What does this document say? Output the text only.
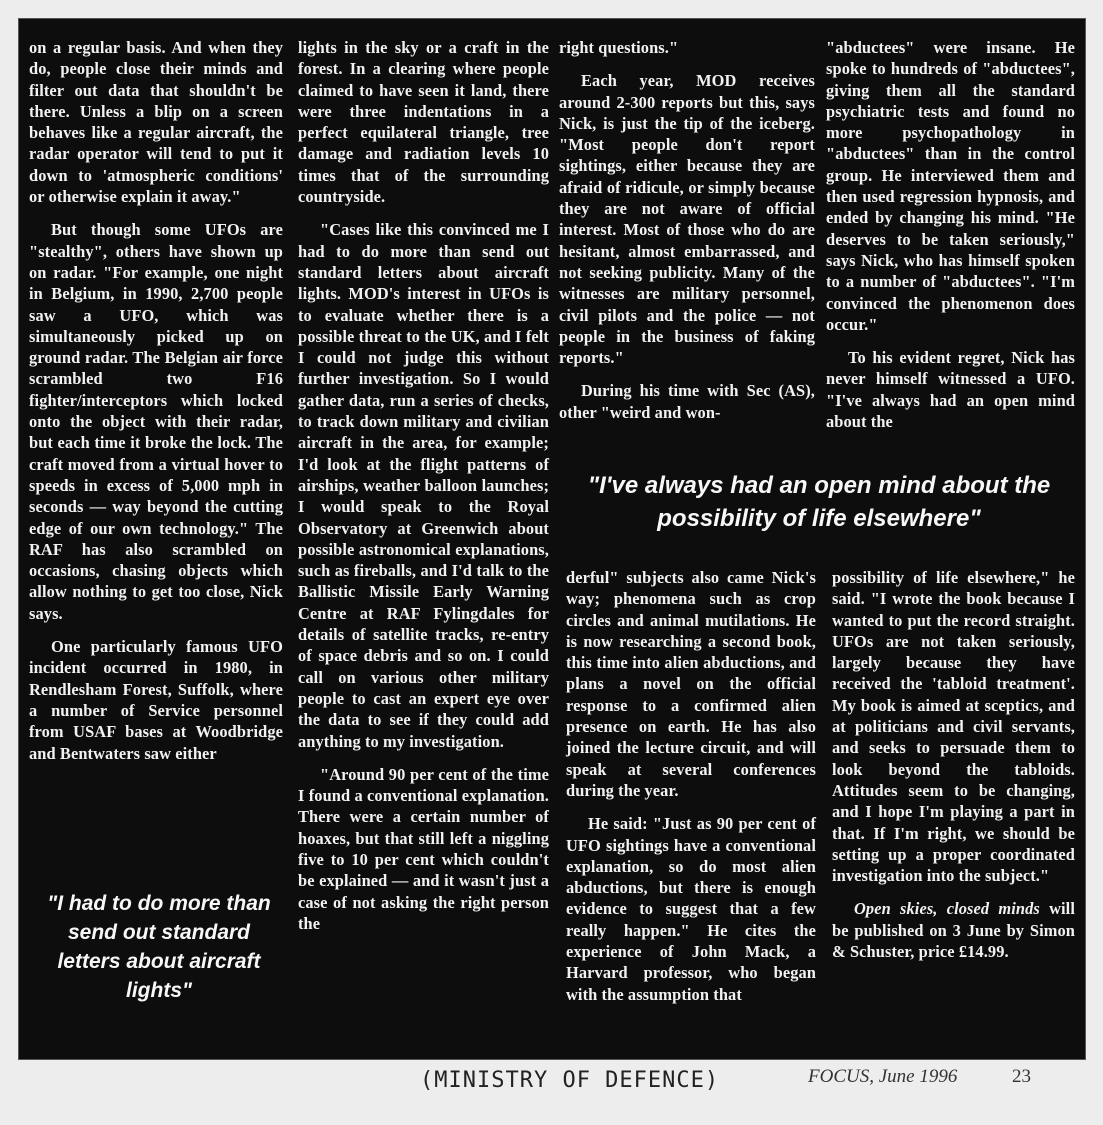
on a regular basis. And when they do, people close their minds and filter out data that shouldn't be there. Unless a blip on a screen behaves like a regular aircraft, the radar operator will tend to put it down to 'atmospheric conditions' or otherwise explain it away."

But though some UFOs are "stealthy", others have shown up on radar. "For example, one night in Belgium, in 1990, 2,700 people saw a UFO, which was simultaneously picked up on ground radar. The Belgian air force scrambled two F16 fighter/interceptors which locked onto the object with their radar, but each time it broke the lock. The craft moved from a virtual hover to speeds in excess of 5,000 mph in seconds — way beyond the cutting edge of our own technology." The RAF has also scrambled on occasions, chasing objects which allow nothing to get too close, Nick says.

One particularly famous UFO incident occurred in 1980, in Rendlesham Forest, Suffolk, where a number of Service personnel from USAF bases at Woodbridge and Bentwaters saw either

lights in the sky or a craft in the forest. In a clearing where people claimed to have seen it land, there were three indentations in a perfect equilateral triangle, tree damage and radiation levels 10 times that of the surrounding countryside.

"Cases like this convinced me I had to do more than send out standard letters about aircraft lights. MOD's interest in UFOs is to evaluate whether there is a possible threat to the UK, and I felt I could not judge this without further investigation. So I would gather data, run a series of checks, to track down military and civilian aircraft in the area, for example; I'd look at the flight patterns of airships, weather balloon launches; I would speak to the Royal Observatory at Greenwich about possible astronomical explanations, such as fireballs, and I'd talk to the Ballistic Missile Early Warning Centre at RAF Fylingdales for details of satellite tracks, re-entry of space debris and so on. I could call on various other military people to cast an expert eye over the data to see if they could add anything to my investigation.

"Around 90 per cent of the time I found a conventional explanation. There were a certain number of hoaxes, but that still left a niggling five to 10 per cent which couldn't be explained — and it wasn't just a case of not asking the right person the

right questions."

Each year, MOD receives around 2-300 reports but this, says Nick, is just the tip of the iceberg. "Most people don't report sightings, either because they are afraid of ridicule, or simply because they are not aware of official interest. Most of those who do are hesitant, almost embarrassed, and not seeking publicity. Many of the witnesses are military personnel, civil pilots and the police — not people in the business of faking reports."

During his time with Sec (AS), other "weird and won-

"abductees" were insane. He spoke to hundreds of "abductees", giving them all the standard psychiatric tests and found no more psychopathology in "abductees" than in the control group. He interviewed them and then used regression hypnosis, and ended by changing his mind. "He deserves to be taken seriously," says Nick, who has himself spoken to a number of "abductees". "I'm convinced the phenomenon does occur."

To his evident regret, Nick has never himself witnessed a UFO. "I've always had an open mind about the

"I've always had an open mind about the possibility of life elsewhere"

derful" subjects also came Nick's way; phenomena such as crop circles and animal mutilations. He is now researching a second book, this time into alien abductions, and plans a novel on the official response to a confirmed alien presence on earth. He has also joined the lecture circuit, and will speak at several conferences during the year.

He said: "Just as 90 per cent of UFO sightings have a conventional explanation, so do most alien abductions, but there is enough evidence to suggest that a few really happen." He cites the experience of John Mack, a Harvard professor, who began with the assumption that

possibility of life elsewhere," he said. "I wrote the book because I wanted to put the record straight. UFOs are not taken seriously, largely because they have received the 'tabloid treatment'. My book is aimed at sceptics, and at politicians and civil servants, and seeks to persuade them to look beyond the tabloids. Attitudes seem to be changing, and I hope I'm playing a part in that. If I'm right, we should be setting up a proper coordinated investigation into the subject."

Open skies, closed minds will be published on 3 June by Simon & Schuster, price £14.99.

"I had to do more than send out standard letters about aircraft lights"
(MINISTRY OF DEFENCE)	FOCUS, June 1996	23
